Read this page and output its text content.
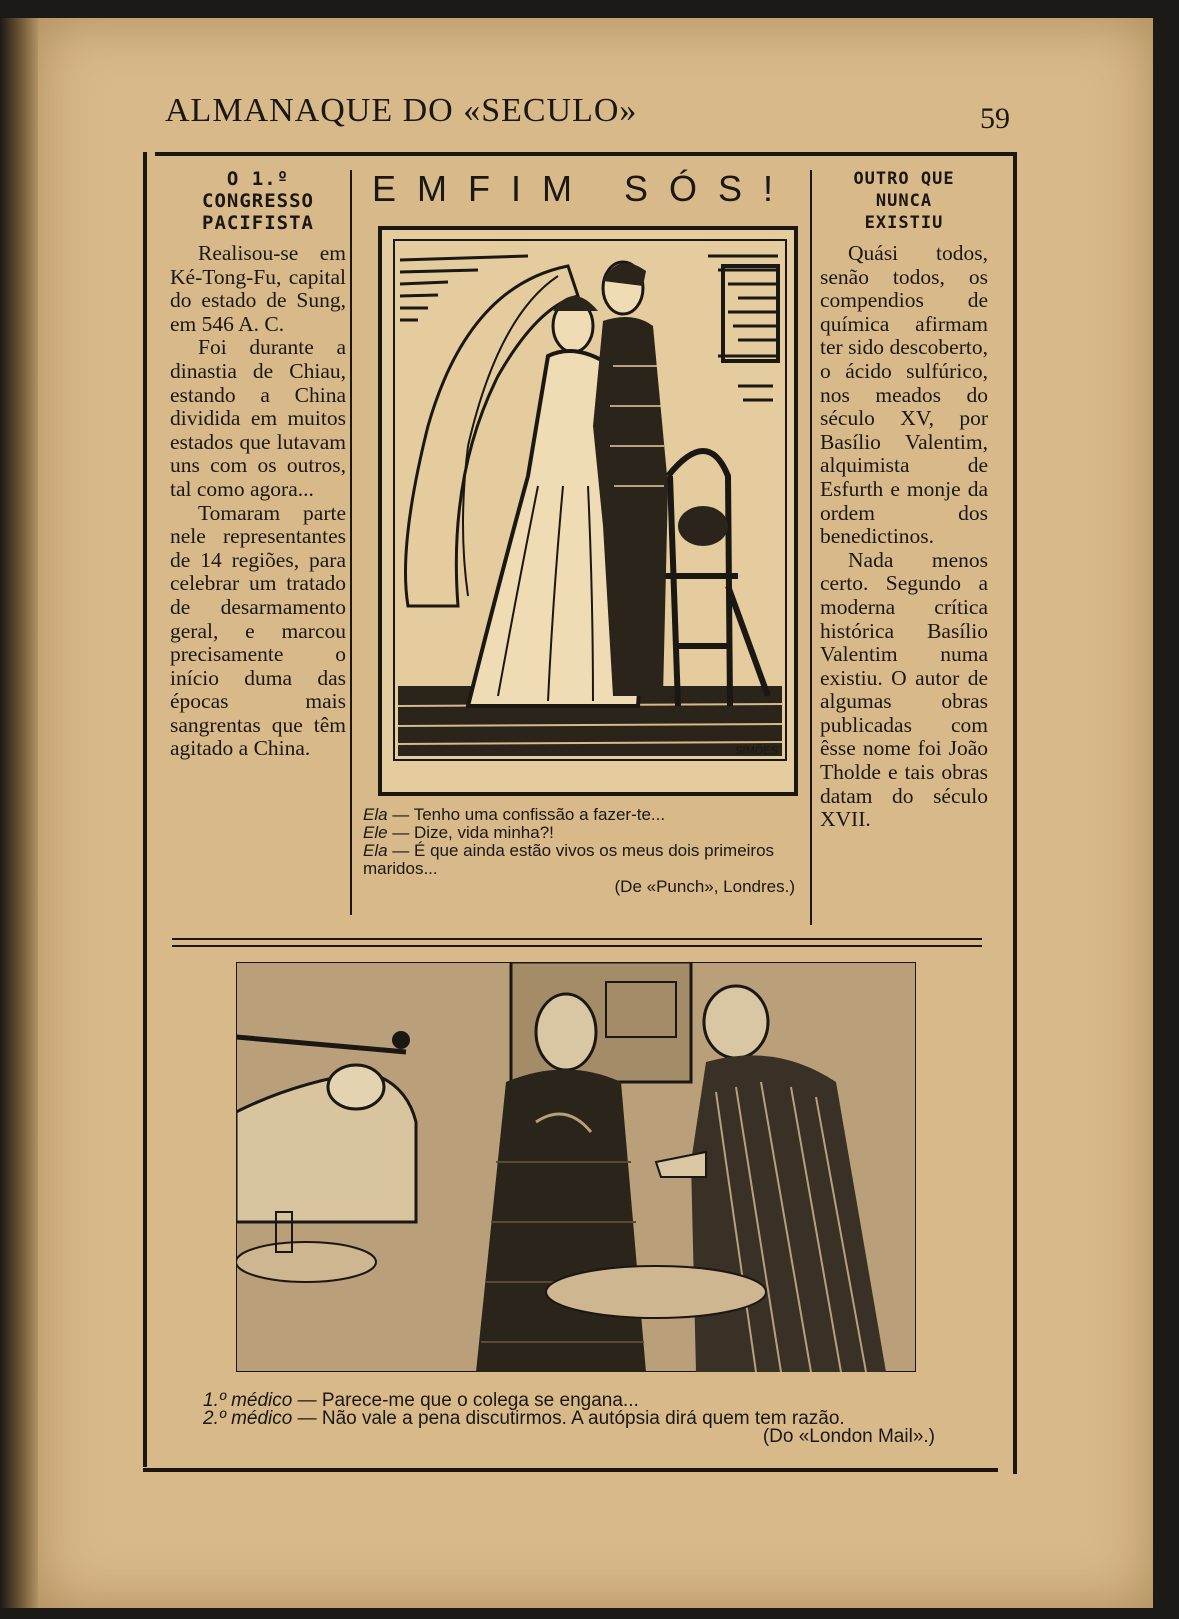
ALMANAQUE DO «SECULO»	59
O 1.º CONGRESSO
PACIFISTA

Realisou-se em Ké-Tong-Fu, capital do estado de Sung, em 546 A. C.

Foi durante a dinastia de Chiau, estando a China dividida em muitos estados que lutavam uns com os outros, tal como agora...

Tomaram parte nele representantes de 14 regiões, para celebrar um tratado de desarmamento geral, e marcou precisamente o início duma das épocas mais sangrentas que têm agitado a China.

EMFIM SÓS!
SIMÕES
Ela — Tenho uma confissão a fazer-te...
Ele — Dize, vida minha?!
Ela — É que ainda estão vivos os meus dois primeiros maridos...
(De «Punch», Londres.)
OUTRO QUE NUNCA
EXISTIU

Quási todos, senão todos, os compendios de química afirmam ter sido descoberto, o ácido sulfúrico, nos meados do século XV, por Basílio Valentim, alquimista de Esfurth e monje da ordem dos benedictinos.

Nada menos certo. Segundo a moderna crítica histórica Basílio Valentim numa existiu. O autor de algumas obras publicadas com êsse nome foi João Tholde e tais obras datam do século XVII.

1.º médico — Parece-me que o colega se engana...
2.º médico — Não vale a pena discutirmos. A autópsia dirá quem tem razão.
(Do «London Mail».)
